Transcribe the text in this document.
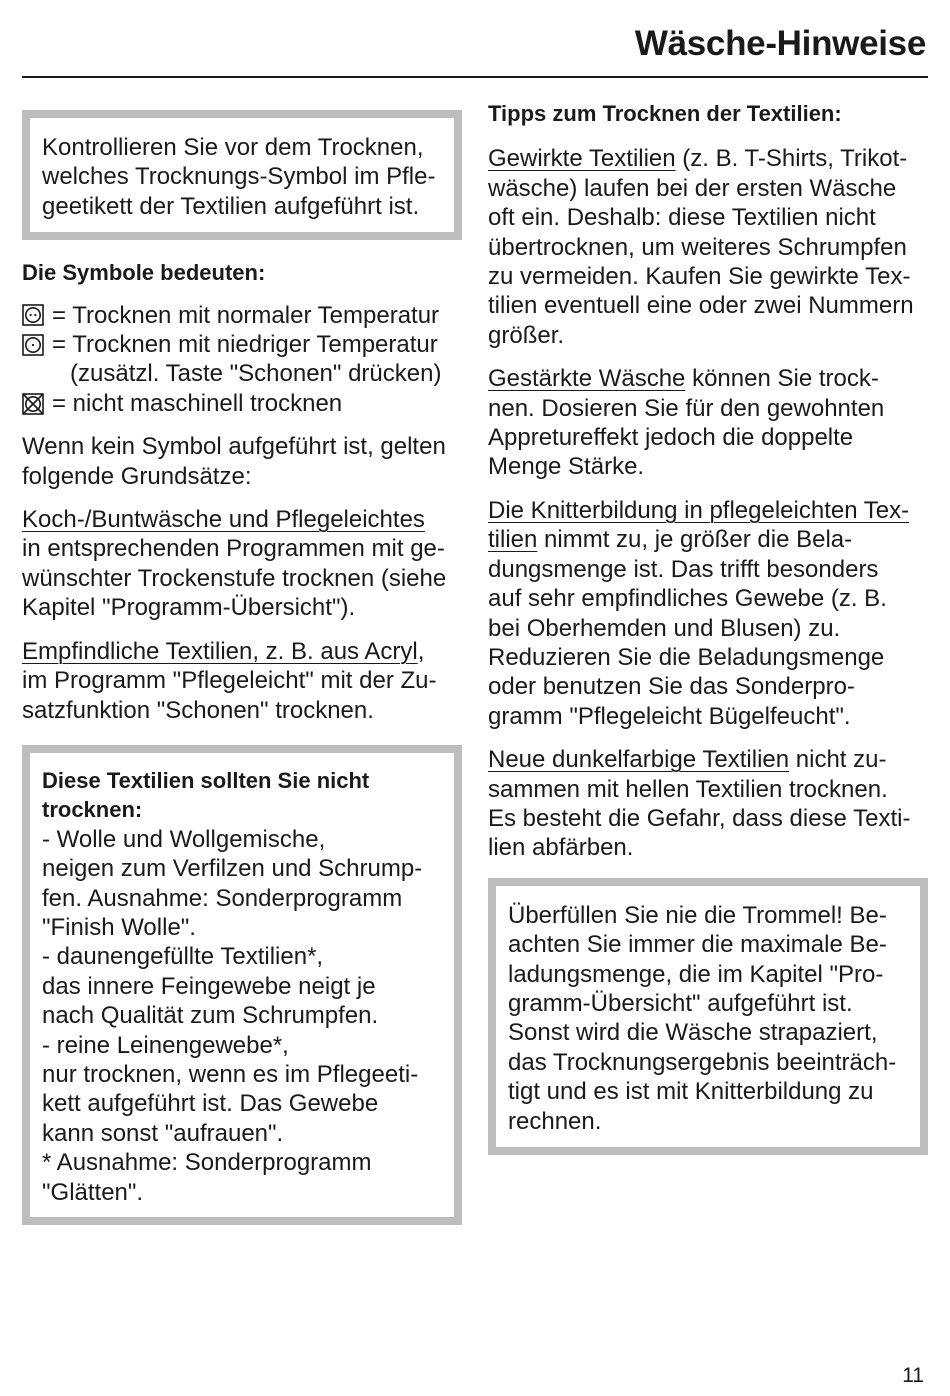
Wäsche-Hinweise
Kontrollieren Sie vor dem Trocknen,
welches Trocknungs-Symbol im Pfle-
geetikett der Textilien aufgeführt ist.
Die Symbole bedeuten:
= Trocknen mit normaler Temperatur
= Trocknen mit niedriger Temperatur
(zusätzl. Taste "Schonen" drücken)
= nicht maschinell trocknen

Wenn kein Symbol aufgeführt ist, gelten
folgende Grundsätze:

Koch-/Buntwäsche und Pflegeleichtes
in entsprechenden Programmen mit ge-
wünschter Trockenstufe trocknen (siehe
Kapitel "Programm-Übersicht").

Empfindliche Textilien, z. B. aus Acryl,
im Programm "Pflegeleicht" mit der Zu-
satzfunktion "Schonen" trocknen.

Diese Textilien sollten Sie nicht
trocknen:
- Wolle und Wollgemische,
neigen zum Verfilzen und Schrump-
fen. Ausnahme: Sonderprogramm
"Finish Wolle".
- daunengefüllte Textilien*,
das innere Feingewebe neigt je
nach Qualität zum Schrumpfen.
- reine Leinengewebe*,
nur trocknen, wenn es im Pflegeeti-
kett aufgeführt ist. Das Gewebe
kann sonst "aufrauen".
* Ausnahme: Sonderprogramm
"Glätten".
Tipps zum Trocknen der Textilien:

Gewirkte Textilien (z. B. T-Shirts, Trikot-
wäsche) laufen bei der ersten Wäsche
oft ein. Deshalb: diese Textilien nicht
übertrocknen, um weiteres Schrumpfen
zu vermeiden. Kaufen Sie gewirkte Tex-
tilien eventuell eine oder zwei Nummern
größer.

Gestärkte Wäsche können Sie trock-
nen. Dosieren Sie für den gewohnten
Appretureffekt jedoch die doppelte
Menge Stärke.

Die Knitterbildung in pflegeleichten Tex-
tilien nimmt zu, je größer die Bela-
dungsmenge ist. Das trifft besonders
auf sehr empfindliches Gewebe (z. B.
bei Oberhemden und Blusen) zu.
Reduzieren Sie die Beladungsmenge
oder benutzen Sie das Sonderpro-
gramm "Pflegeleicht Bügelfeucht".

Neue dunkelfarbige Textilien nicht zu-
sammen mit hellen Textilien trocknen.
Es besteht die Gefahr, dass diese Texti-
lien abfärben.

Überfüllen Sie nie die Trommel! Be-
achten Sie immer die maximale Be-
ladungsmenge, die im Kapitel "Pro-
gramm-Übersicht" aufgeführt ist.
Sonst wird die Wäsche strapaziert,
das Trocknungsergebnis beeinträch-
tigt und es ist mit Knitterbildung zu
rechnen.
11
